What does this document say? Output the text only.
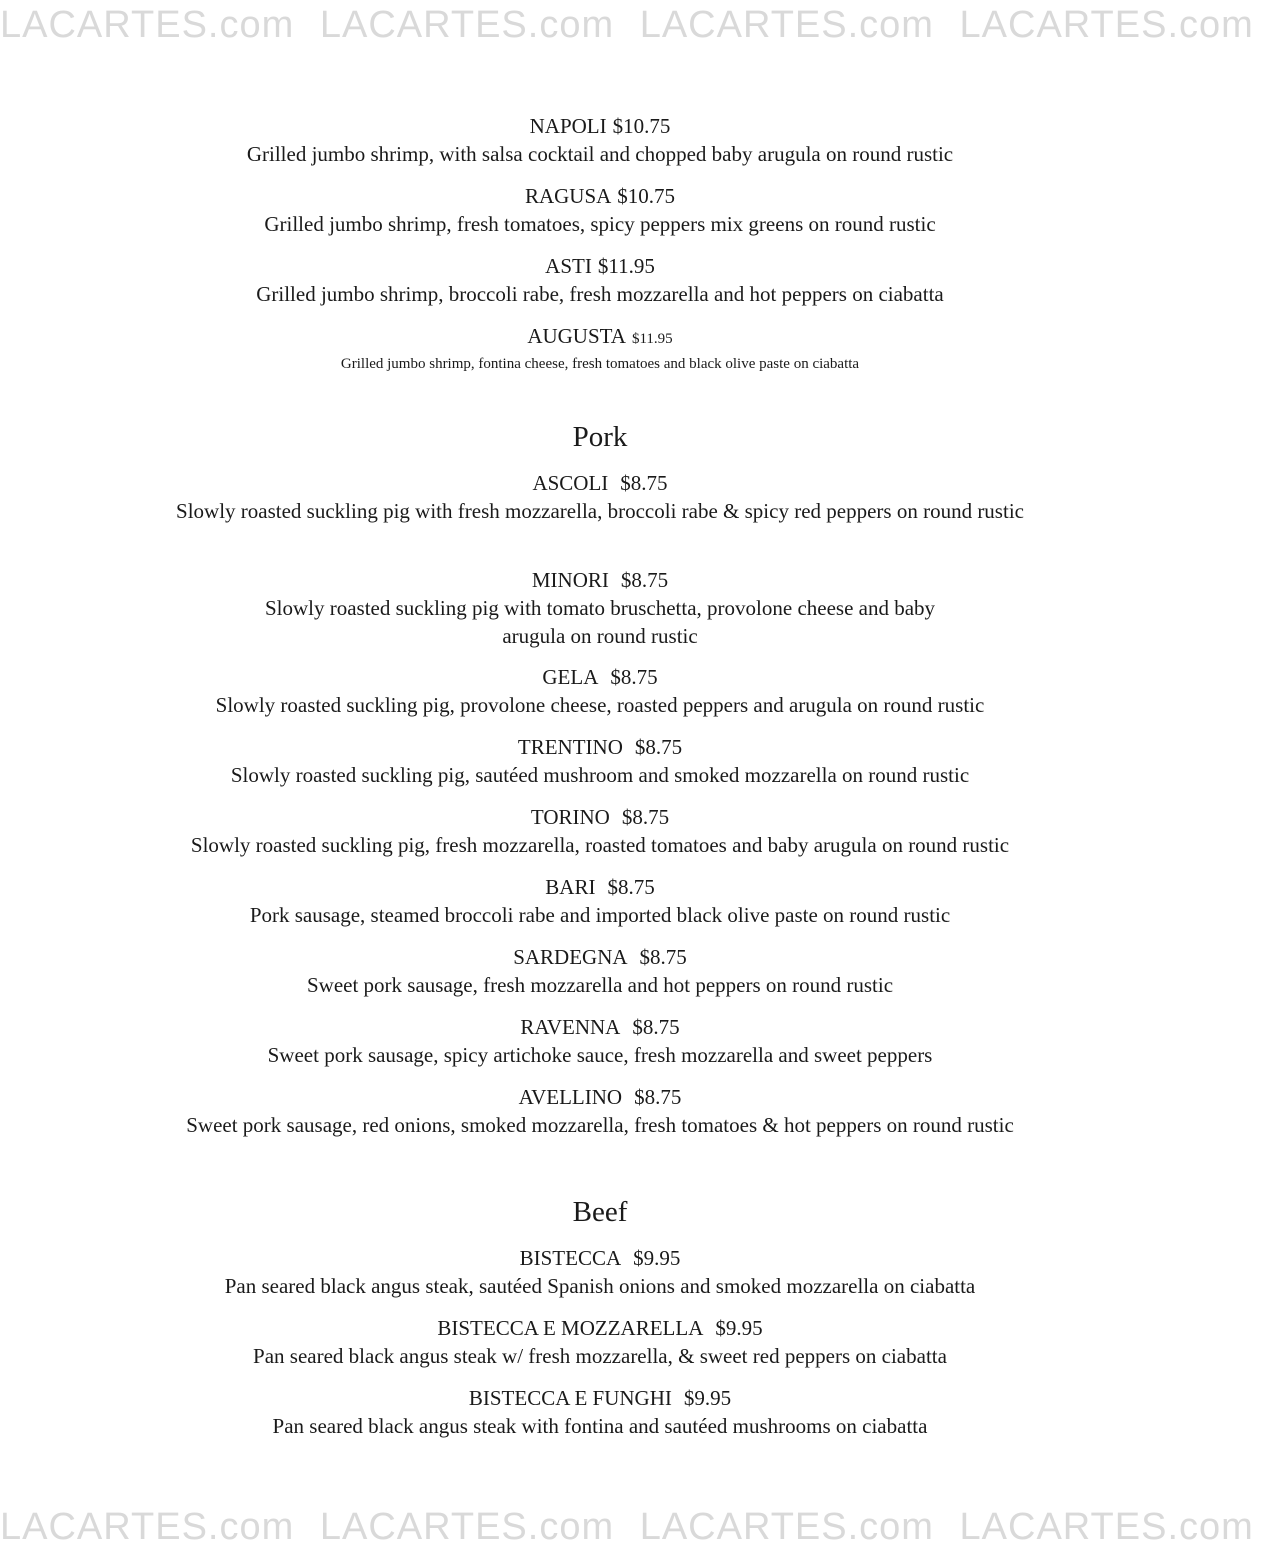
LACARTES.com LACARTES.com LACARTES.com LACARTES.com
NAPOLI $10.75
Grilled jumbo shrimp, with salsa cocktail and chopped baby arugula on round rustic
RAGUSA $10.75
Grilled jumbo shrimp, fresh tomatoes, spicy peppers mix greens on round rustic
ASTI $11.95
Grilled jumbo shrimp, broccoli rabe, fresh mozzarella and hot peppers on ciabatta
AUGUSTA $11.95
Grilled jumbo shrimp, fontina cheese, fresh tomatoes and black olive paste on ciabatta
Pork
ASCOLI $8.75
Slowly roasted suckling pig with fresh mozzarella, broccoli rabe & spicy red peppers on round rustic
MINORI $8.75
Slowly roasted suckling pig with tomato bruschetta, provolone cheese and baby arugula on round rustic
GELA $8.75
Slowly roasted suckling pig, provolone cheese, roasted peppers and arugula on round rustic
TRENTINO $8.75
Slowly roasted suckling pig, sautéed mushroom and smoked mozzarella on round rustic
TORINO $8.75
Slowly roasted suckling pig, fresh mozzarella, roasted tomatoes and baby arugula on round rustic
BARI $8.75
Pork sausage, steamed broccoli rabe and imported black olive paste on round rustic
SARDEGNA $8.75
Sweet pork sausage, fresh mozzarella and hot peppers on round rustic
RAVENNA $8.75
Sweet pork sausage, spicy artichoke sauce, fresh mozzarella and sweet peppers
AVELLINO $8.75
Sweet pork sausage, red onions, smoked mozzarella, fresh tomatoes & hot peppers on round rustic
Beef
BISTECCA $9.95
Pan seared black angus steak, sautéed Spanish onions and smoked mozzarella on ciabatta
BISTECCA E MOZZARELLA $9.95
Pan seared black angus steak w/ fresh mozzarella, & sweet red peppers on ciabatta
BISTECCA E FUNGHI $9.95
Pan seared black angus steak with fontina and sautéed mushrooms on ciabatta
LACARTES.com LACARTES.com LACARTES.com LACARTES.com
